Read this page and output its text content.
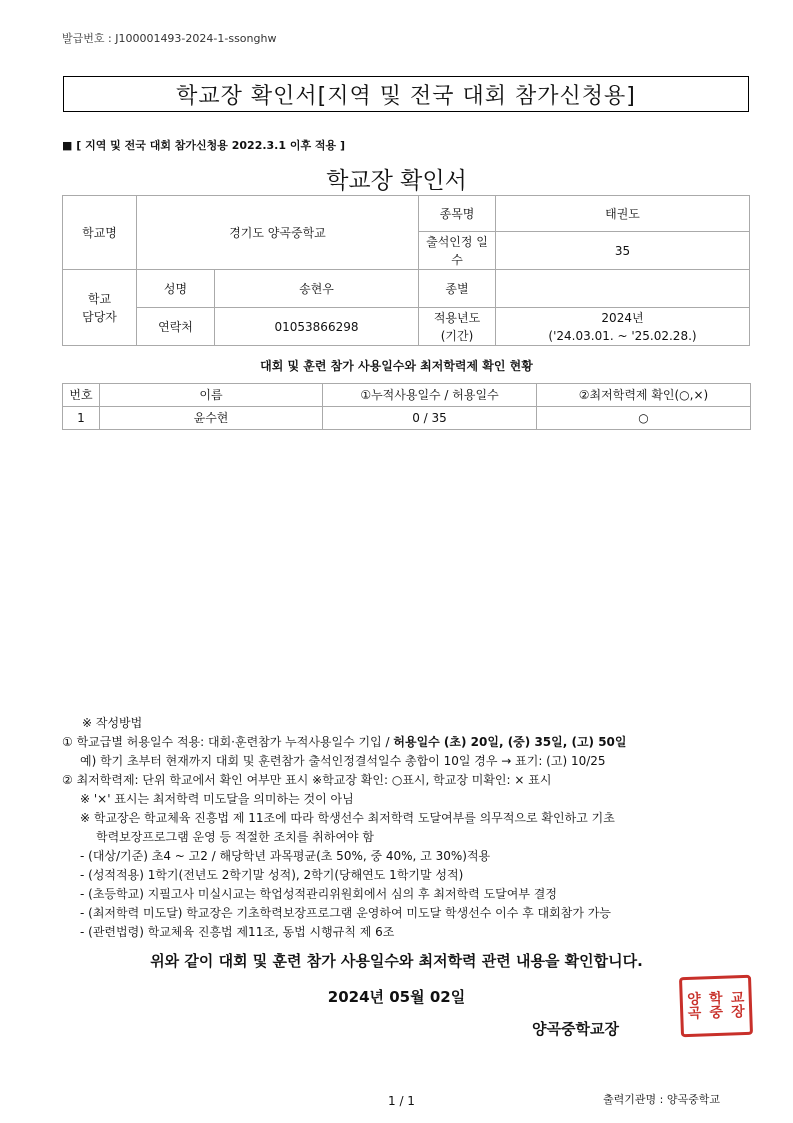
발급번호 : J100001493-2024-1-ssonghw
학교장 확인서[지역 및 전국 대회 참가신청용]
■ [ 지역 및 전국 대회 참가신청용 2022.3.1 이후 적용 ]
학교장 확인서
학교명	경기도 양곡중학교		종목명	태권도
			출석인정 일수	35
학교 담당자	성명	송현우	종별	
	연락처	01053866298	적용년도 (기간)	2024년
('24.03.01. ~ '25.02.28.)
대회 및 훈련 참가 사용일수와 최저학력제 확인 현황
번호	이름	①누적사용일수 / 허용일수	②최저학력제 확인(○,×)
1	윤수현	0 / 35	○
※ 작성방법
① 학교급별 허용일수 적용: 대회·훈련참가 누적사용일수 기입 / 허용일수 (초) 20일, (중) 35일, (고) 50일
예) 학기 초부터 현재까지 대회 및 훈련참가 출석인정결석일수 총합이 10일 경우 → 표기: (고) 10/25
② 최저학력제: 단위 학교에서 확인 여부만 표시 ※학교장 확인: ○표시, 학교장 미확인: × 표시
※ '×' 표시는 최저학력 미도달을 의미하는 것이 아님
※ 학교장은 학교체육 진흥법 제 11조에 따라 학생선수 최저학력 도달여부를 의무적으로 확인하고 기초
학력보장프로그램 운영 등 적절한 조치를 취하여야 함
- (대상/기준) 초4 ~ 고2 / 해당학년 과목평균(초 50%, 중 40%, 고 30%)적용
- (성적적용) 1학기(전년도 2학기말 성적), 2학기(당해연도 1학기말 성적)
- (초등학교) 지필고사 미실시교는 학업성적관리위원회에서 심의 후 최저학력 도달여부 결정
- (최저학력 미도달) 학교장은 기초학력보장프로그램 운영하여 미도달 학생선수 이수 후 대회참가 가능
- (관련법령) 학교체육 진흥법 제11조, 동법 시행규칙 제 6조
위와 같이 대회 및 훈련 참가 사용일수와 최저학력 관련 내용을 확인합니다.
2024년 05월 02일
양곡중학교장
양 학 교
곡 중 장
1 / 1	출력기관명 : 양곡중학교
